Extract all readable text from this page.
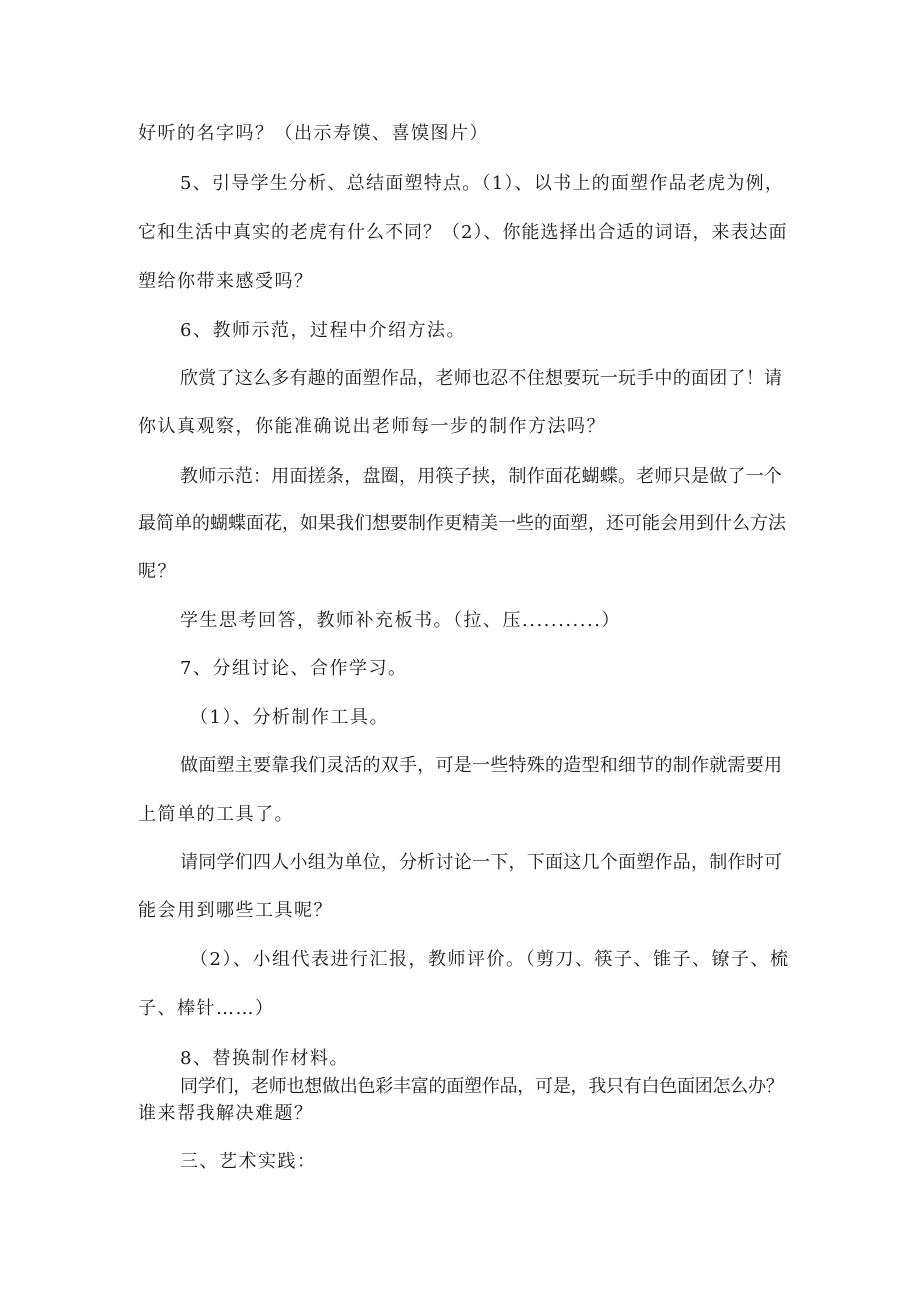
好听的名字吗？（出示寿馍、喜馍图片）
5、引导学生分析、总结面塑特点。（1）、以书上的面塑作品老虎为例，
它和生活中真实的老虎有什么不同？（2）、你能选择出合适的词语，来表达面
塑给你带来感受吗？
6、教师示范，过程中介绍方法。
欣赏了这么多有趣的面塑作品，老师也忍不住想要玩一玩手中的面团了！请
你认真观察，你能准确说出老师每一步的制作方法吗？
教师示范：用面搓条，盘圈，用筷子挟，制作面花蝴蝶。老师只是做了一个
最简单的蝴蝶面花，如果我们想要制作更精美一些的面塑，还可能会用到什么方法
呢？
学生思考回答，教师补充板书。（拉、压...........）
7、分组讨论、合作学习。
（1）、分析制作工具。
做面塑主要靠我们灵活的双手，可是一些特殊的造型和细节的制作就需要用
上简单的工具了。
请同学们四人小组为单位，分析讨论一下，下面这几个面塑作品，制作时可
能会用到哪些工具呢？
（2）、小组代表进行汇报，教师评价。（剪刀、筷子、锥子、镣子、梳
子、棒针……）
8、替换制作材料。
同学们，老师也想做出色彩丰富的面塑作品，可是，我只有白色面团怎么办？
谁来帮我解决难题？
三、艺术实践：
